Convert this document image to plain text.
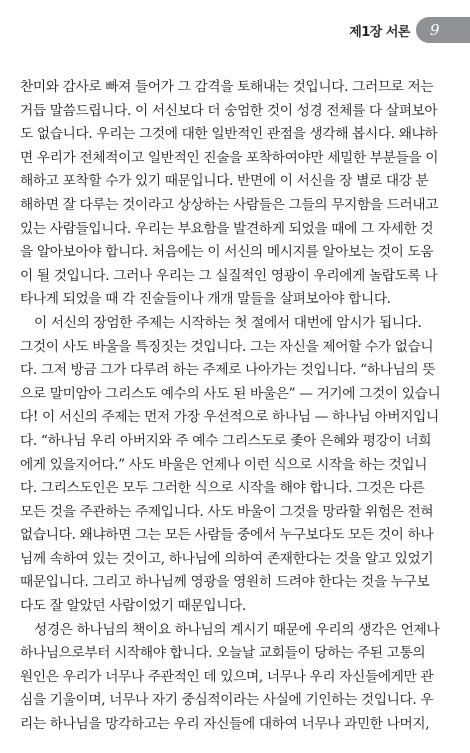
제1장 서론 9
찬미와 감사로 빠져 들어가 그 감격을 토해내는 것입니다. 그러므로 저는
거듭 말씀드립니다. 이 서신보다 더 숭엄한 것이 성경 전체를 다 살펴보아
도 없습니다. 우리는 그것에 대한 일반적인 관점을 생각해 봅시다. 왜냐하
면 우리가 전체적이고 일반적인 진술을 포착하여야만 세밀한 부분들을 이
해하고 포착할 수가 있기 때문입니다. 반면에 이 서신을 장 별로 대강 분
해하면 잘 다루는 것이라고 상상하는 사람들은 그들의 무지함을 드러내고
있는 사람들입니다. 우리는 부요함을 발견하게 되었을 때에 그 자세한 것
을 알아보아야 합니다. 처음에는 이 서신의 메시지를 알아보는 것이 도움
이 될 것입니다. 그러나 우리는 그 실질적인 영광이 우리에게 놀랍도록 나
타나게 되었을 때 각 진술들이나 개개 말들을 살펴보아야 합니다.
이 서신의 장엄한 주제는 시작하는 첫 절에서 대번에 암시가 됩니다.
그것이 사도 바울을 특징짓는 것입니다. 그는 자신을 제어할 수가 없습니
다. 그저 방금 그가 다루려 하는 주제로 나아가는 것입니다. “하나님의 뜻
으로 말미암아 그리스도 예수의 사도 된 바울은” — 거기에 그것이 있습니
다! 이 서신의 주제는 먼저 가장 우선적으로 하나님 — 하나님 아버지입니
다. “하나님 우리 아버지와 주 예수 그리스도로 좇아 은혜와 평강이 너희
에게 있을지어다.” 사도 바울은 언제나 이런 식으로 시작을 하는 것입니
다. 그리스도인은 모두 그러한 식으로 시작을 해야 합니다. 그것은 다른
모든 것을 주관하는 주제입니다. 사도 바울이 그것을 망라할 위험은 전혀
없습니다. 왜냐하면 그는 모든 사람들 중에서 누구보다도 모든 것이 하나
님께 속하여 있는 것이고, 하나님에 의하여 존재한다는 것을 알고 있었기
때문입니다. 그리고 하나님께 영광을 영원히 드려야 한다는 것을 누구보
다도 잘 알았던 사람이었기 때문입니다.
성경은 하나님의 책이요 하나님의 계시기 때문에 우리의 생각은 언제나
하나님으로부터 시작해야 합니다. 오늘날 교회들이 당하는 주된 고통의
원인은 우리가 너무나 주관적인 데 있으며, 너무나 우리 자신들에게만 관
심을 기울이며, 너무나 자기 중심적이라는 사실에 기인하는 것입니다. 우
리는 하나님을 망각하고는 우리 자신들에 대하여 너무나 과민한 나머지,
